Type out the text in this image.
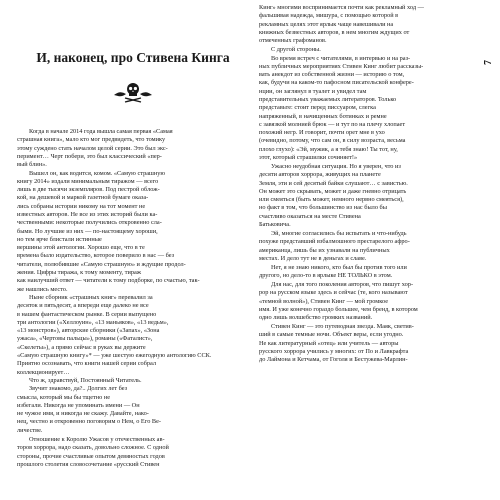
7
И, наконец, про Стивена Кинга

Когда в начале 2014 года вышла самая первая «Самая
страшная книга», мало кто мог предвидеть, что томику
этому суждено стать началом целой серии. Это был экс-
перимент… Черт побери, это был классический «пер-
вый блин».

Вышел он, как водится, комом. «Самую страшную
книгу 2014» издали минимальным тиражом — всего
лишь в две тысячи экземпляров. Под пестрой облож-
кой, на дешевой и маркой газетной бумаге оказа-
лись собраны истории никому на тот момент не
известных авторов. Не все из этих историй были ка-
чественными: некоторые получились откровенно сла-
быми. Но лучшие из них — по-настоящему хороши,
но тем ярче блистали истинные
вершины этой антологии. Хорошо еще, что в те
времена было издательство, которое поверило в нас — без
читатели, полюбившие «Самую страшную» и ждущие продол-
жения. Цифры тиража, к тому моменту, тираж
как наилучший ответ — читатели к тому подборке, по счастью, так-
же нашлись место.

Ныне сборник «страшных книг» перевалил за
десяток и пятьдесят, а впереди еще далеко не все
в нашем фантастическом рынке. В серии выпущено
три антологии («Хеллоуин», «13 маньяков», «13 ведьм»,
«13 монстров»), авторские сборники («Запах», «Зона
ужаса», «Чертовы пальцы»), романы («Фаталист»,
«Скелеты»), а прямо сейчас в руках вы держите
«Самую страшную книгу»* — уже шестую ежегодную антологию ССК.
Приятно осознавать, что книги нашей серии собрал
коллекционирует…

Что ж, здравствуй, Постоянный Читатель.
Звучит знакомо, да?.. Долгих лет без
смысла, который мы бы тщетно не
избегали. Никогда не упоминать имени — Он
не чужое имя, и никогда не скажу. Давайте, нако-
нец, честно и откровенно поговорим о Нем, о Его Ве-
личестве.

Отношение к Королю Ужасов у отечественных ав-
торов хоррора, надо сказать, довольно сложное. С одной
стороны, прочие счастливые опытом девяностых годов
прошлого столетия словосочетание «русский Стивен

Кинг» многими воспринимается почти как рекламный ход —
фальшивая надежда, мишура, с помощью которой в
рекламных целях этот ярлык чаще навешивали на
книжных безвестных авторов, в нем многим ждущих от
отмеченных графоманов.

С другой стороны.

Во время встреч с читателями, в интервью и на раз-
ных публичных мероприятиях Стивен Кинг любит рассказы-
вать анекдот из собственной жизни — историю о том,
как, будучи на каком-то пафосном писательской конфере-
нции, он заглянул в туалет и увидел там
представительных уважаемых литераторов. Только
представьте: стоит перед писсуаром, слегка
напряженный, в начищенных ботинках и ремне
с завязкой молнией брюк — и тут по на плечу хлопает
похожий негр. И говорит, почти орет мне в ухо
(очевидно, потому, что сам он, в силу возраста, весьма
плохо глухо): «Эй, мужик, а я тебя знаю! Ты тот, ну,
этот, который страшилки сочиняет!»

Ужасно неудобная ситуация. Но я уверен, что из
десяти авторов хоррора, живущих на планете
Земля, эти и сей десятый байки слушают… с завистью.
Он может это скрывать, может и даже гневно отрицать
или смеяться (быть может, немного нервно смеяться),
но факт в том, что большинство из нас было бы
счастливо оказаться на месте Стивена
Батьковича.

Эй, многие согласились бы испытать и что-нибудь
похуже представший взбалмошного престарелого афро-
американца, лишь бы их узнавали на публичных
местах. И дело тут не в деньгах и славе.

Нет, я не знаю никого, кто был бы против того или
другого, но дело-то в ярлыке НЕ ТОЛЬКО в этом.

Для нас, для того поколения авторов, что пишут хор-
рор на русском языке здесь и сейчас (те, кого называют
«темной волной»), Стивен Кинг — мой громкое
имя. И уже конечно гораздо большее, чем бренд, в котором
одно лишь волшебство громких названий.

Стивен Кинг — это путеводная звезда. Маяк, светив-
ший в самые темные ночи. Объект веры, если угодно.
Не как литературный «отец» или учитель — авторы
русского хоррора учились у многих: от По и Лавкрафта
до Лаймона и Кетчама, от Гоголя и Бестужева-Марлин-
